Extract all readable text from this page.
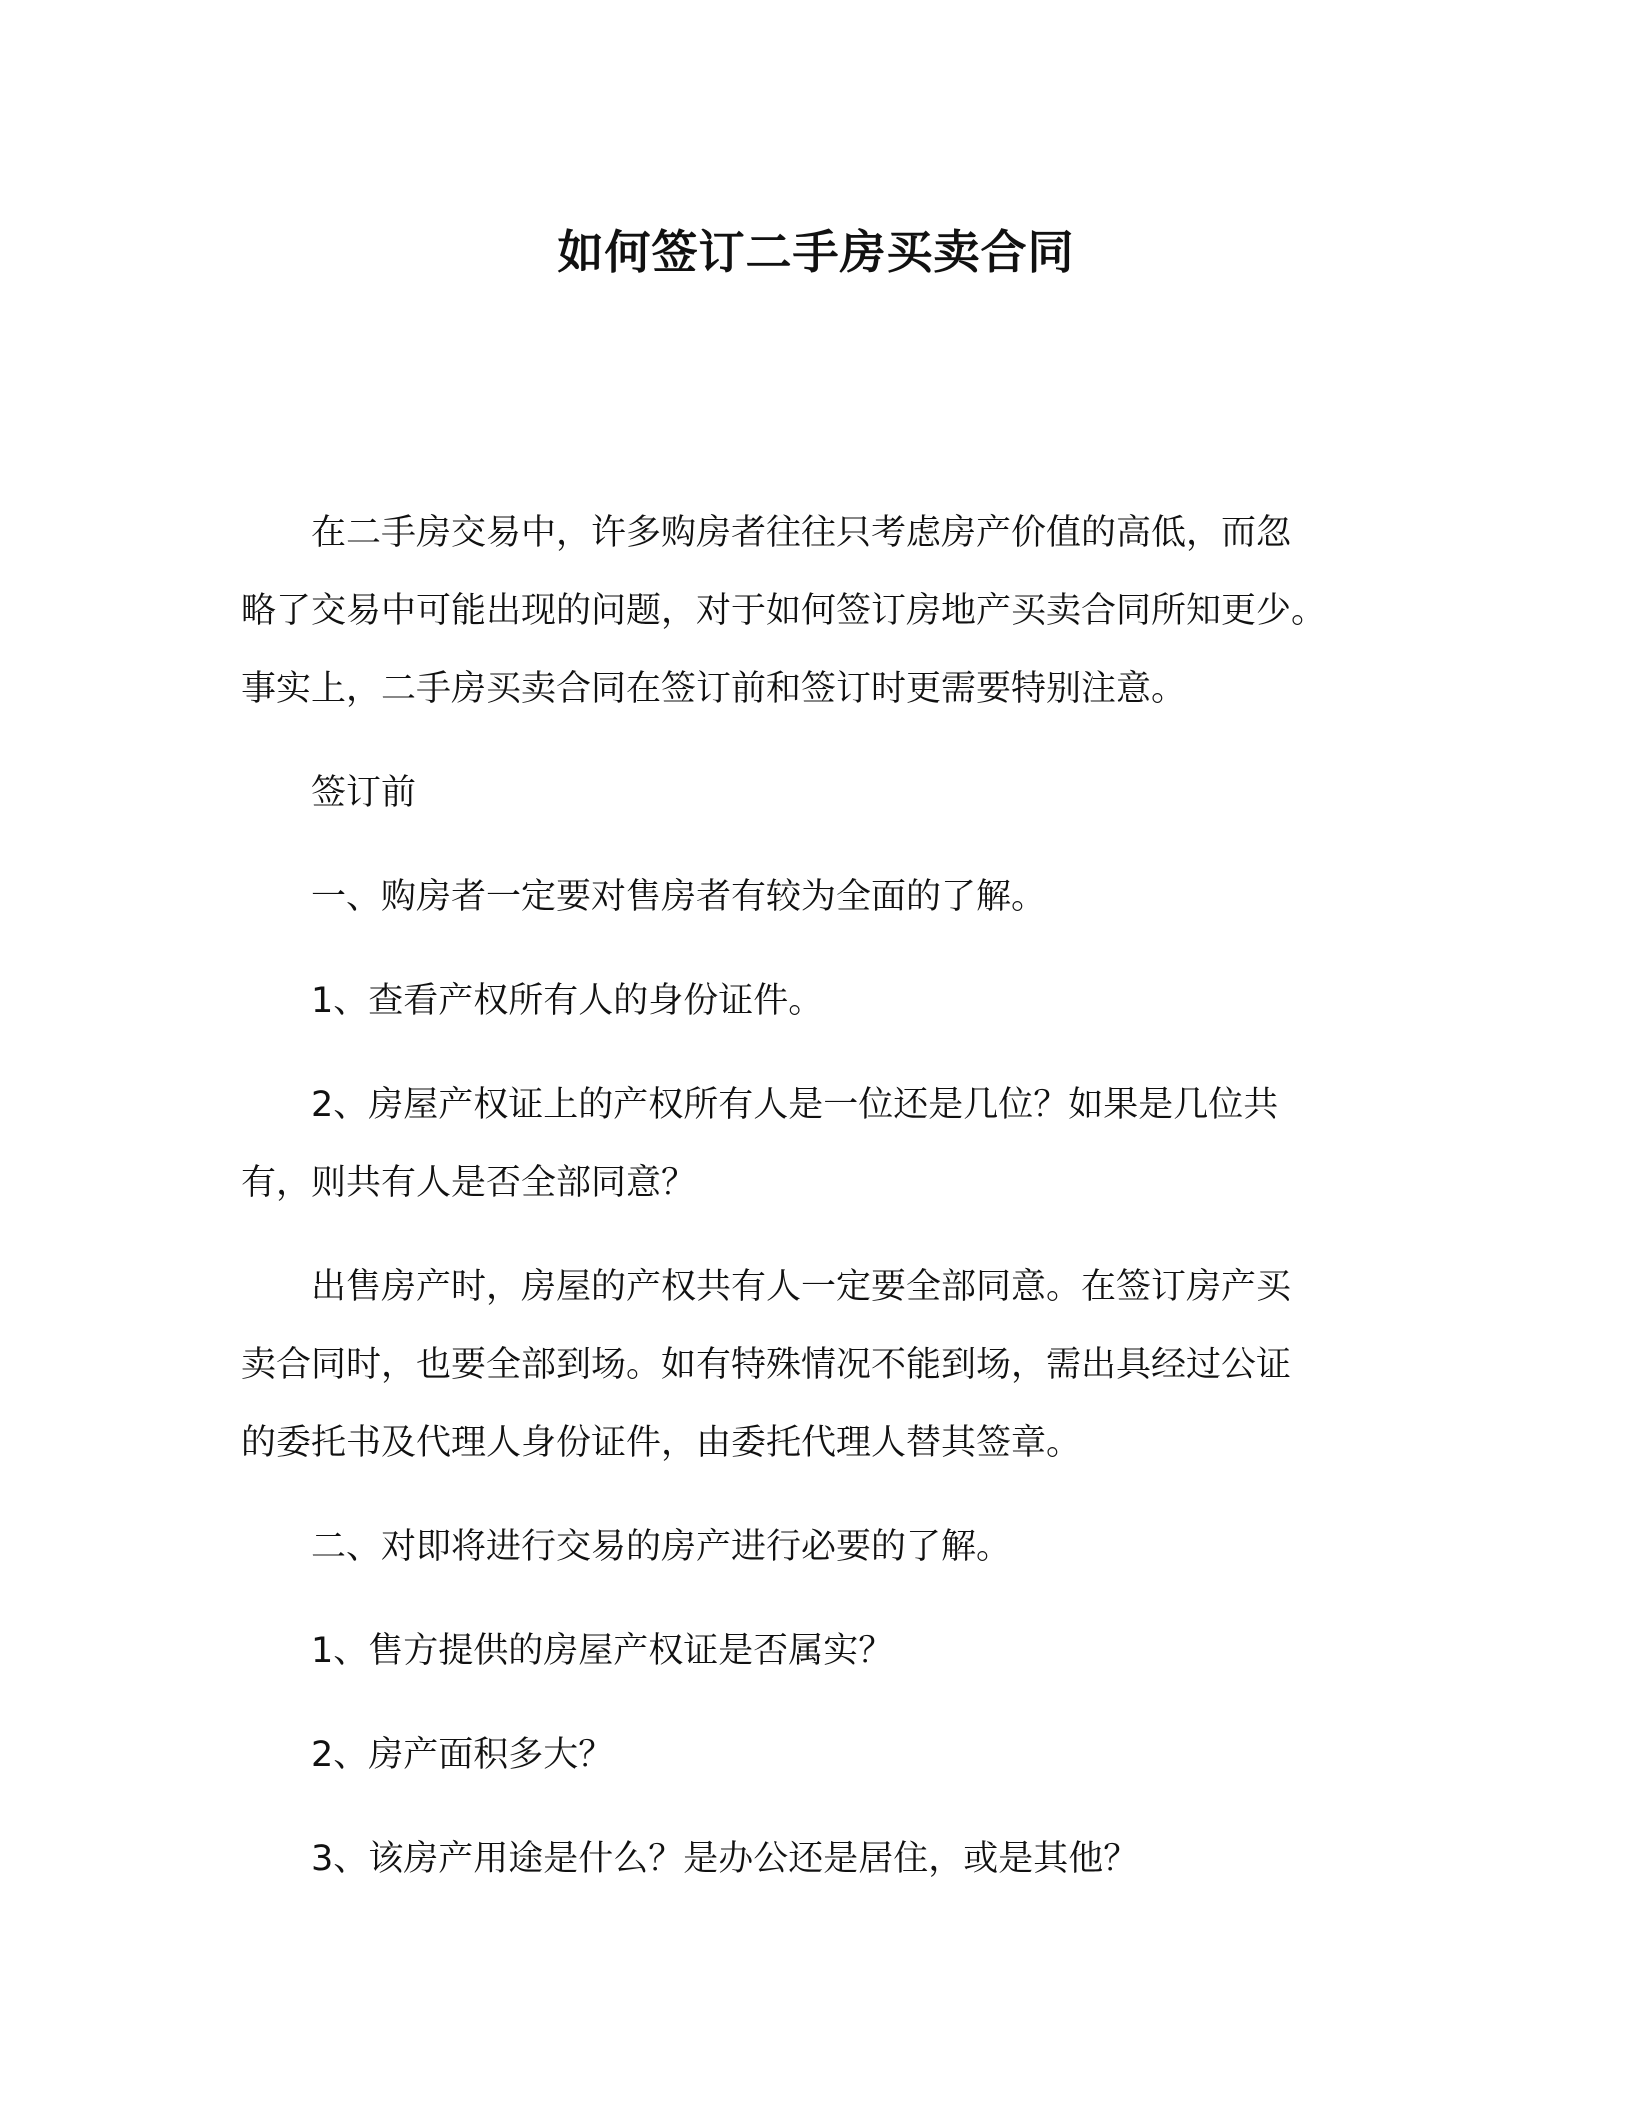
如何签订二手房买卖合同

在二手房交易中，许多购房者往往只考虑房产价值的高低，而忽
略了交易中可能出现的问题，对于如何签订房地产买卖合同所知更少。
事实上，二手房买卖合同在签订前和签订时更需要特别注意。

签订前

一、购房者一定要对售房者有较为全面的了解。

1、查看产权所有人的身份证件。

2、房屋产权证上的产权所有人是一位还是几位？如果是几位共
有，则共有人是否全部同意？

出售房产时，房屋的产权共有人一定要全部同意。在签订房产买
卖合同时，也要全部到场。如有特殊情况不能到场，需出具经过公证
的委托书及代理人身份证件，由委托代理人替其签章。

二、对即将进行交易的房产进行必要的了解。

1、售方提供的房屋产权证是否属实？

2、房产面积多大？

3、该房产用途是什么？是办公还是居住，或是其他？
